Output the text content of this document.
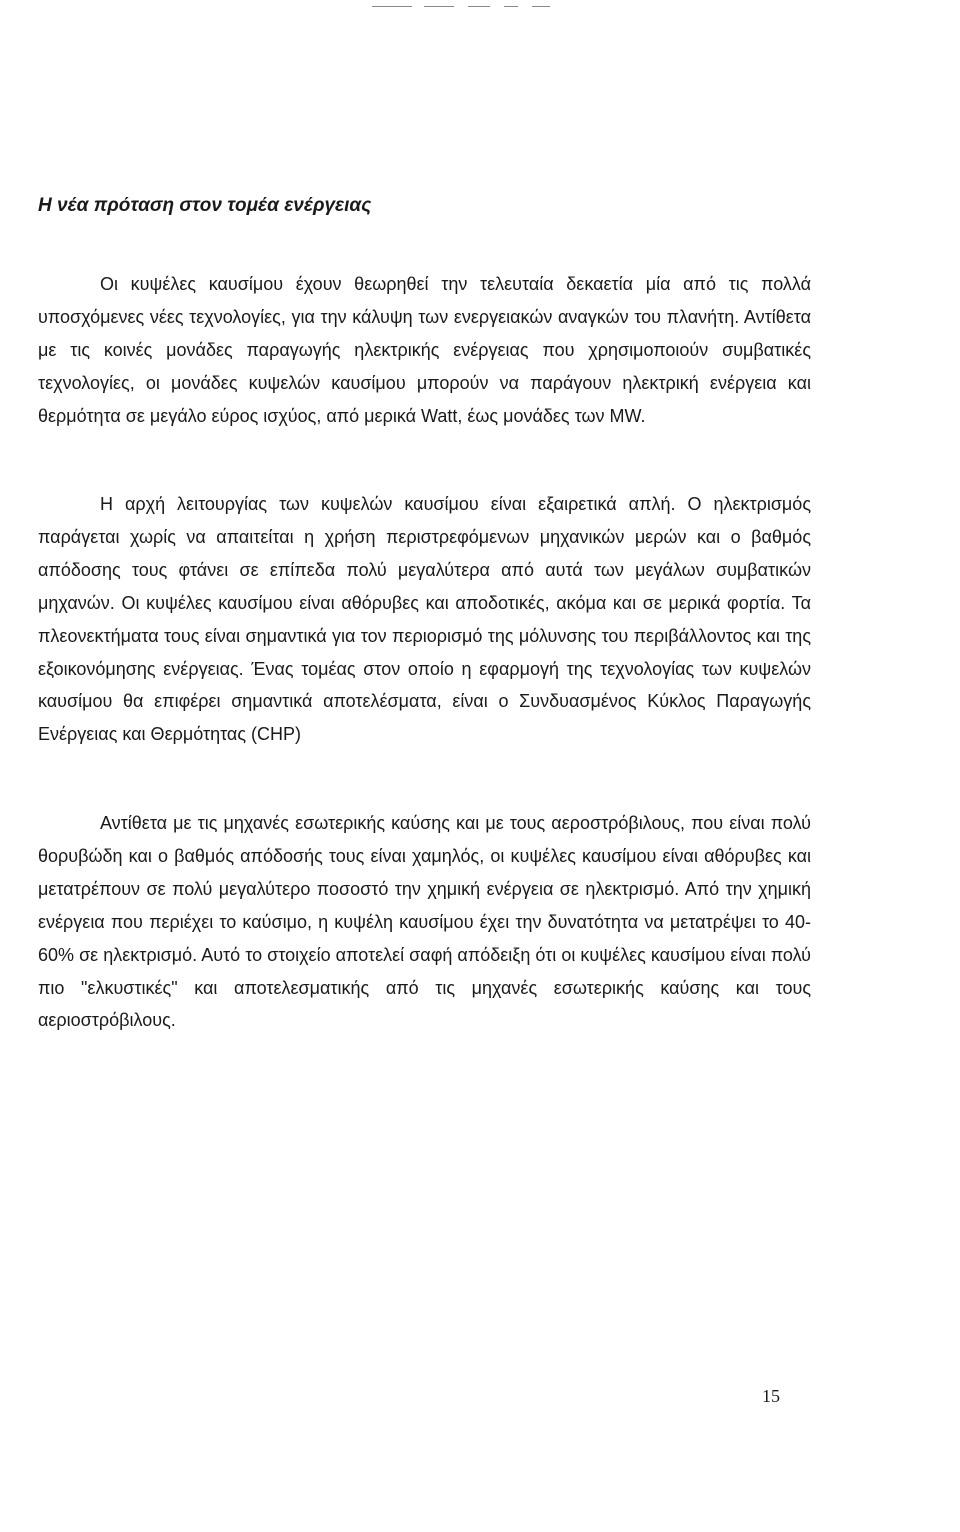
Η νέα πρόταση στον τομέα ενέργειας

Οι κυψέλες καυσίμου έχουν θεωρηθεί την τελευταία δεκαετία μία από τις πολλά υποσχόμενες νέες τεχνολογίες, για την κάλυψη των ενεργειακών αναγκών του πλανήτη. Αντίθετα με τις κοινές μονάδες παραγωγής ηλεκτρικής ενέργειας που χρησιμοποιούν συμβατικές τεχνολογίες, οι μονάδες κυψελών καυσίμου μπορούν να παράγουν ηλεκτρική ενέργεια και θερμότητα σε μεγάλο εύρος ισχύος, από μερικά Watt, έως μονάδες των MW.

Η αρχή λειτουργίας των κυψελών καυσίμου είναι εξαιρετικά απλή. Ο ηλεκτρισμός παράγεται χωρίς να απαιτείται η χρήση περιστρεφόμενων μηχανικών μερών και ο βαθμός απόδοσης τους φτάνει σε επίπεδα πολύ μεγαλύτερα από αυτά των μεγάλων συμβατικών μηχανών. Οι κυψέλες καυσίμου είναι αθόρυβες και αποδοτικές, ακόμα και σε μερικά φορτία. Τα πλεονεκτήματα τους είναι σημαντικά για τον περιορισμό της μόλυνσης του περιβάλλοντος και της εξοικονόμησης ενέργειας. Ένας τομέας στον οποίο η εφαρμογή της τεχνολογίας των κυψελών καυσίμου θα επιφέρει σημαντικά αποτελέσματα, είναι ο Συνδυασμένος Κύκλος Παραγωγής Ενέργειας και Θερμότητας (CHP)

Αντίθετα με τις μηχανές εσωτερικής καύσης και με τους αεροστρόβιλους, που είναι πολύ θορυβώδη και ο βαθμός απόδοσής τους είναι χαμηλός, οι κυψέλες καυσίμου είναι αθόρυβες και μετατρέπουν σε πολύ μεγαλύτερο ποσοστό την χημική ενέργεια σε ηλεκτρισμό. Από την χημική ενέργεια που περιέχει το καύσιμο, η κυψέλη καυσίμου έχει την δυνατότητα να μετατρέψει το 40-60% σε ηλεκτρισμό. Αυτό το στοιχείο αποτελεί σαφή απόδειξη ότι οι κυψέλες καυσίμου είναι πολύ πιο "ελκυστικές" και αποτελεσματικής από τις μηχανές εσωτερικής καύσης και τους αεριοστρόβιλους.

15
